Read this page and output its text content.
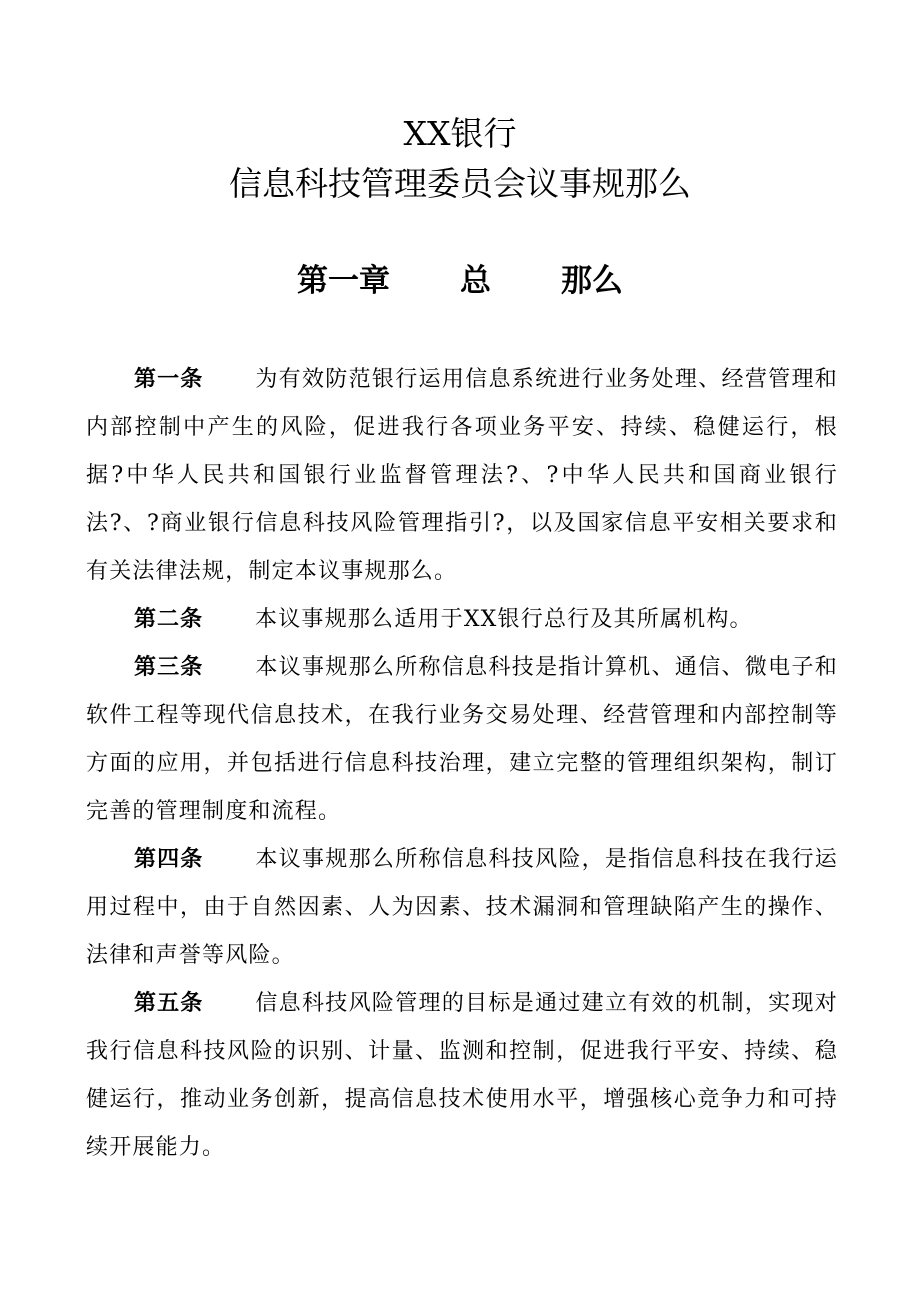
XX银行
信息科技管理委员会议事规那么
第一章 总 那么

第一条 为有效防范银行运用信息系统进行业务处理、经营管理和内部控制中产生的风险，促进我行各项业务平安、持续、稳健运行，根据?中华人民共和国银行业监督管理法?、?中华人民共和国商业银行法?、?商业银行信息科技风险管理指引?，以及国家信息平安相关要求和有关法律法规，制定本议事规那么。

第二条 本议事规那么适用于XX银行总行及其所属机构。

第三条 本议事规那么所称信息科技是指计算机、通信、微电子和软件工程等现代信息技术，在我行业务交易处理、经营管理和内部控制等方面的应用，并包括进行信息科技治理，建立完整的管理组织架构，制订完善的管理制度和流程。

第四条 本议事规那么所称信息科技风险，是指信息科技在我行运用过程中，由于自然因素、人为因素、技术漏洞和管理缺陷产生的操作、法律和声誉等风险。

第五条 信息科技风险管理的目标是通过建立有效的机制，实现对我行信息科技风险的识别、计量、监测和控制，促进我行平安、持续、稳健运行，推动业务创新，提高信息技术使用水平，增强核心竞争力和可持续开展能力。
